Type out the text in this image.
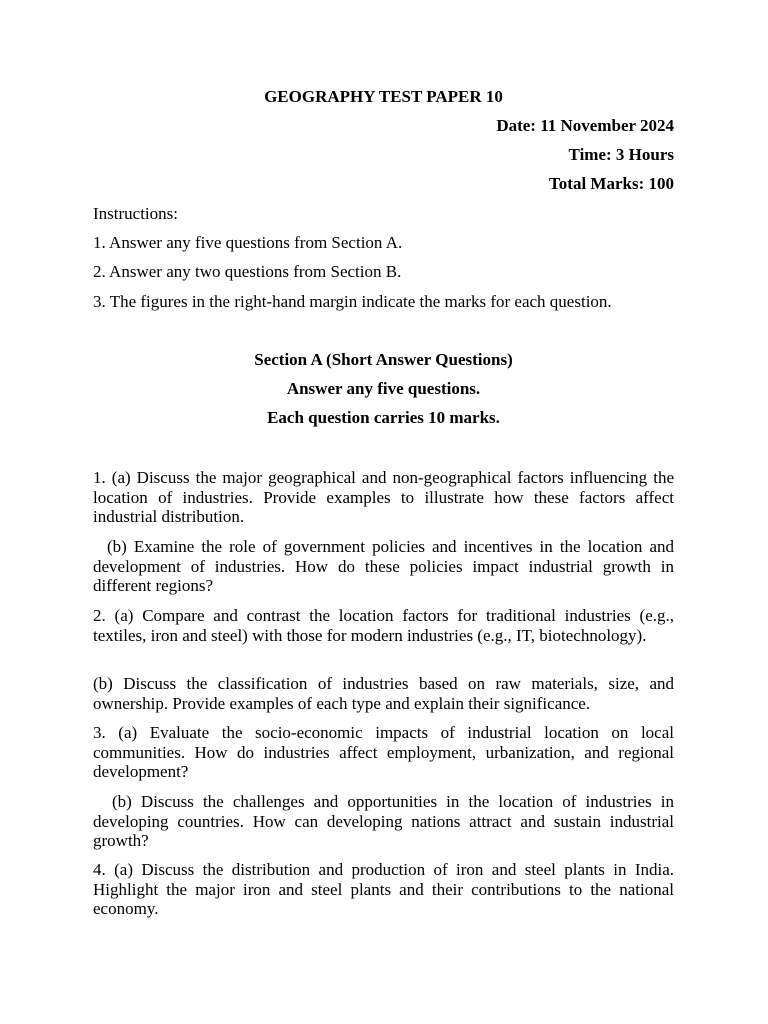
GEOGRAPHY TEST PAPER 10
Date: 11 November 2024
Time: 3 Hours
Total Marks: 100
Instructions:
1. Answer any five questions from Section A.
2. Answer any two questions from Section B.
3. The figures in the right-hand margin indicate the marks for each question.
Section A (Short Answer Questions)
Answer any five questions.
Each question carries 10 marks.
1. (a) Discuss the major geographical and non-geographical factors influencing the location of industries. Provide examples to illustrate how these factors affect industrial distribution.
(b) Examine the role of government policies and incentives in the location and development of industries. How do these policies impact industrial growth in different regions?
2. (a) Compare and contrast the location factors for traditional industries (e.g., textiles, iron and steel) with those for modern industries (e.g., IT, biotechnology).
(b) Discuss the classification of industries based on raw materials, size, and ownership. Provide examples of each type and explain their significance.
3. (a) Evaluate the socio-economic impacts of industrial location on local communities. How do industries affect employment, urbanization, and regional development?
(b) Discuss the challenges and opportunities in the location of industries in developing countries. How can developing nations attract and sustain industrial growth?
4. (a) Discuss the distribution and production of iron and steel plants in India. Highlight the major iron and steel plants and their contributions to the national economy.
